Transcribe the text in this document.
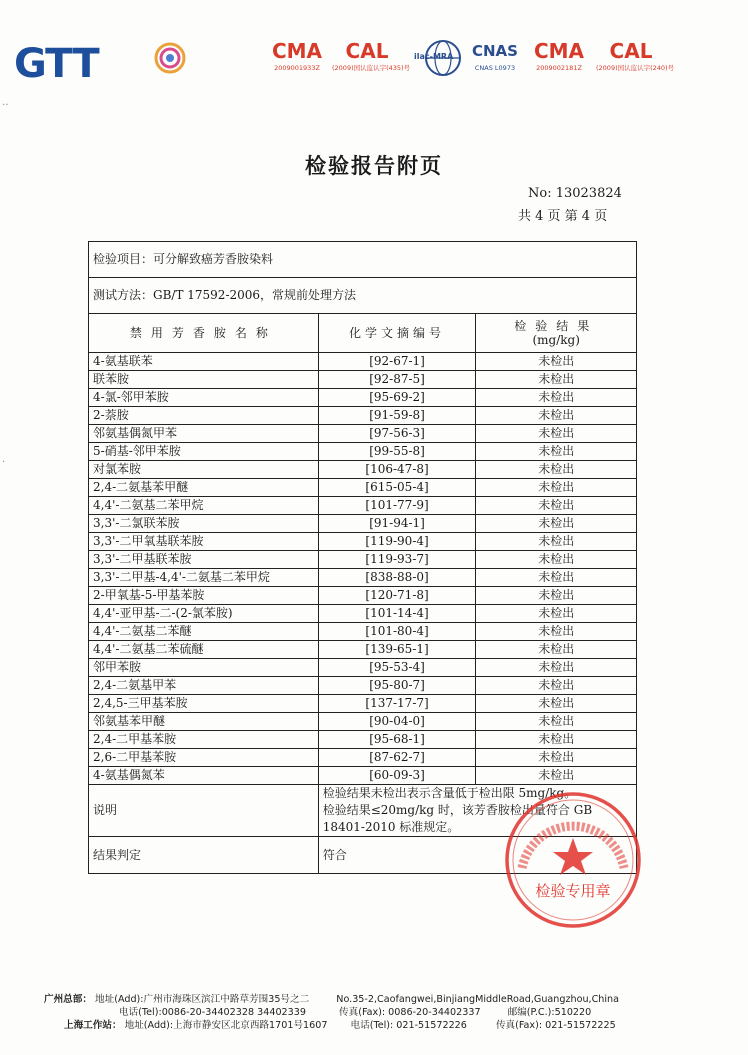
GTT	CMA
2009001933Z
CAL
(2009)国认监认字(435)号
ilac-MRA	CNAS
CNAS L0973
CMA
2009002181Z
CAL
(2009)国认监认字(240)号
‥
·
检验报告附页
No: 13023824
共 4 页 第 4 页
检验项目：可分解致癌芳香胺染料		
测试方法：GB/T 17592-2006，常规前处理方法		
禁用芳香胺名称	化学文摘编号	检验结果
(mg/kg)

4-氨基联苯	[92-67-1]	未检出
联苯胺	[92-87-5]	未检出
4-氯-邻甲苯胺	[95-69-2]	未检出
2-萘胺	[91-59-8]	未检出
邻氨基偶氮甲苯	[97-56-3]	未检出
5-硝基-邻甲苯胺	[99-55-8]	未检出
对氯苯胺	[106-47-8]	未检出
2,4-二氨基苯甲醚	[615-05-4]	未检出
4,4'-二氨基二苯甲烷	[101-77-9]	未检出
3,3'-二氯联苯胺	[91-94-1]	未检出
3,3'-二甲氧基联苯胺	[119-90-4]	未检出
3,3'-二甲基联苯胺	[119-93-7]	未检出
3,3'-二甲基-4,4'-二氨基二苯甲烷	[838-88-0]	未检出
2-甲氧基-5-甲基苯胺	[120-71-8]	未检出
4,4'-亚甲基-二-(2-氯苯胺)	[101-14-4]	未检出
4,4'-二氨基二苯醚	[101-80-4]	未检出
4,4'-二氨基二苯硫醚	[139-65-1]	未检出
邻甲苯胺	[95-53-4]	未检出
2,4-二氨基甲苯	[95-80-7]	未检出
2,4,5-三甲基苯胺	[137-17-7]	未检出
邻氨基苯甲醚	[90-04-0]	未检出
2,4-二甲基苯胺	[95-68-1]	未检出
2,6-二甲基苯胺	[87-62-7]	未检出
4-氨基偶氮苯	[60-09-3]	未检出
说明	检验结果未检出表示含量低于检出限 5mg/kg。
检验结果≤20mg/kg 时，该芳香胺检出量符合 GB 18401-2010 标准规定。	

结果判定	符合	
检验专用章
广州总部： 地址(Add):广州市海珠区滨江中路草芳围35号之二	No.35-2,Caofangwei,BinjiangMiddleRoad,Guangzhou,China
电话(Tel):0086-20-34402328 34402339	传真(Fax): 0086-20-34402337	邮编(P.C.):510220
上海工作站： 地址(Add):上海市静安区北京西路1701号1607 电话(Tel): 021-51572226	传真(Fax): 021-51572225
